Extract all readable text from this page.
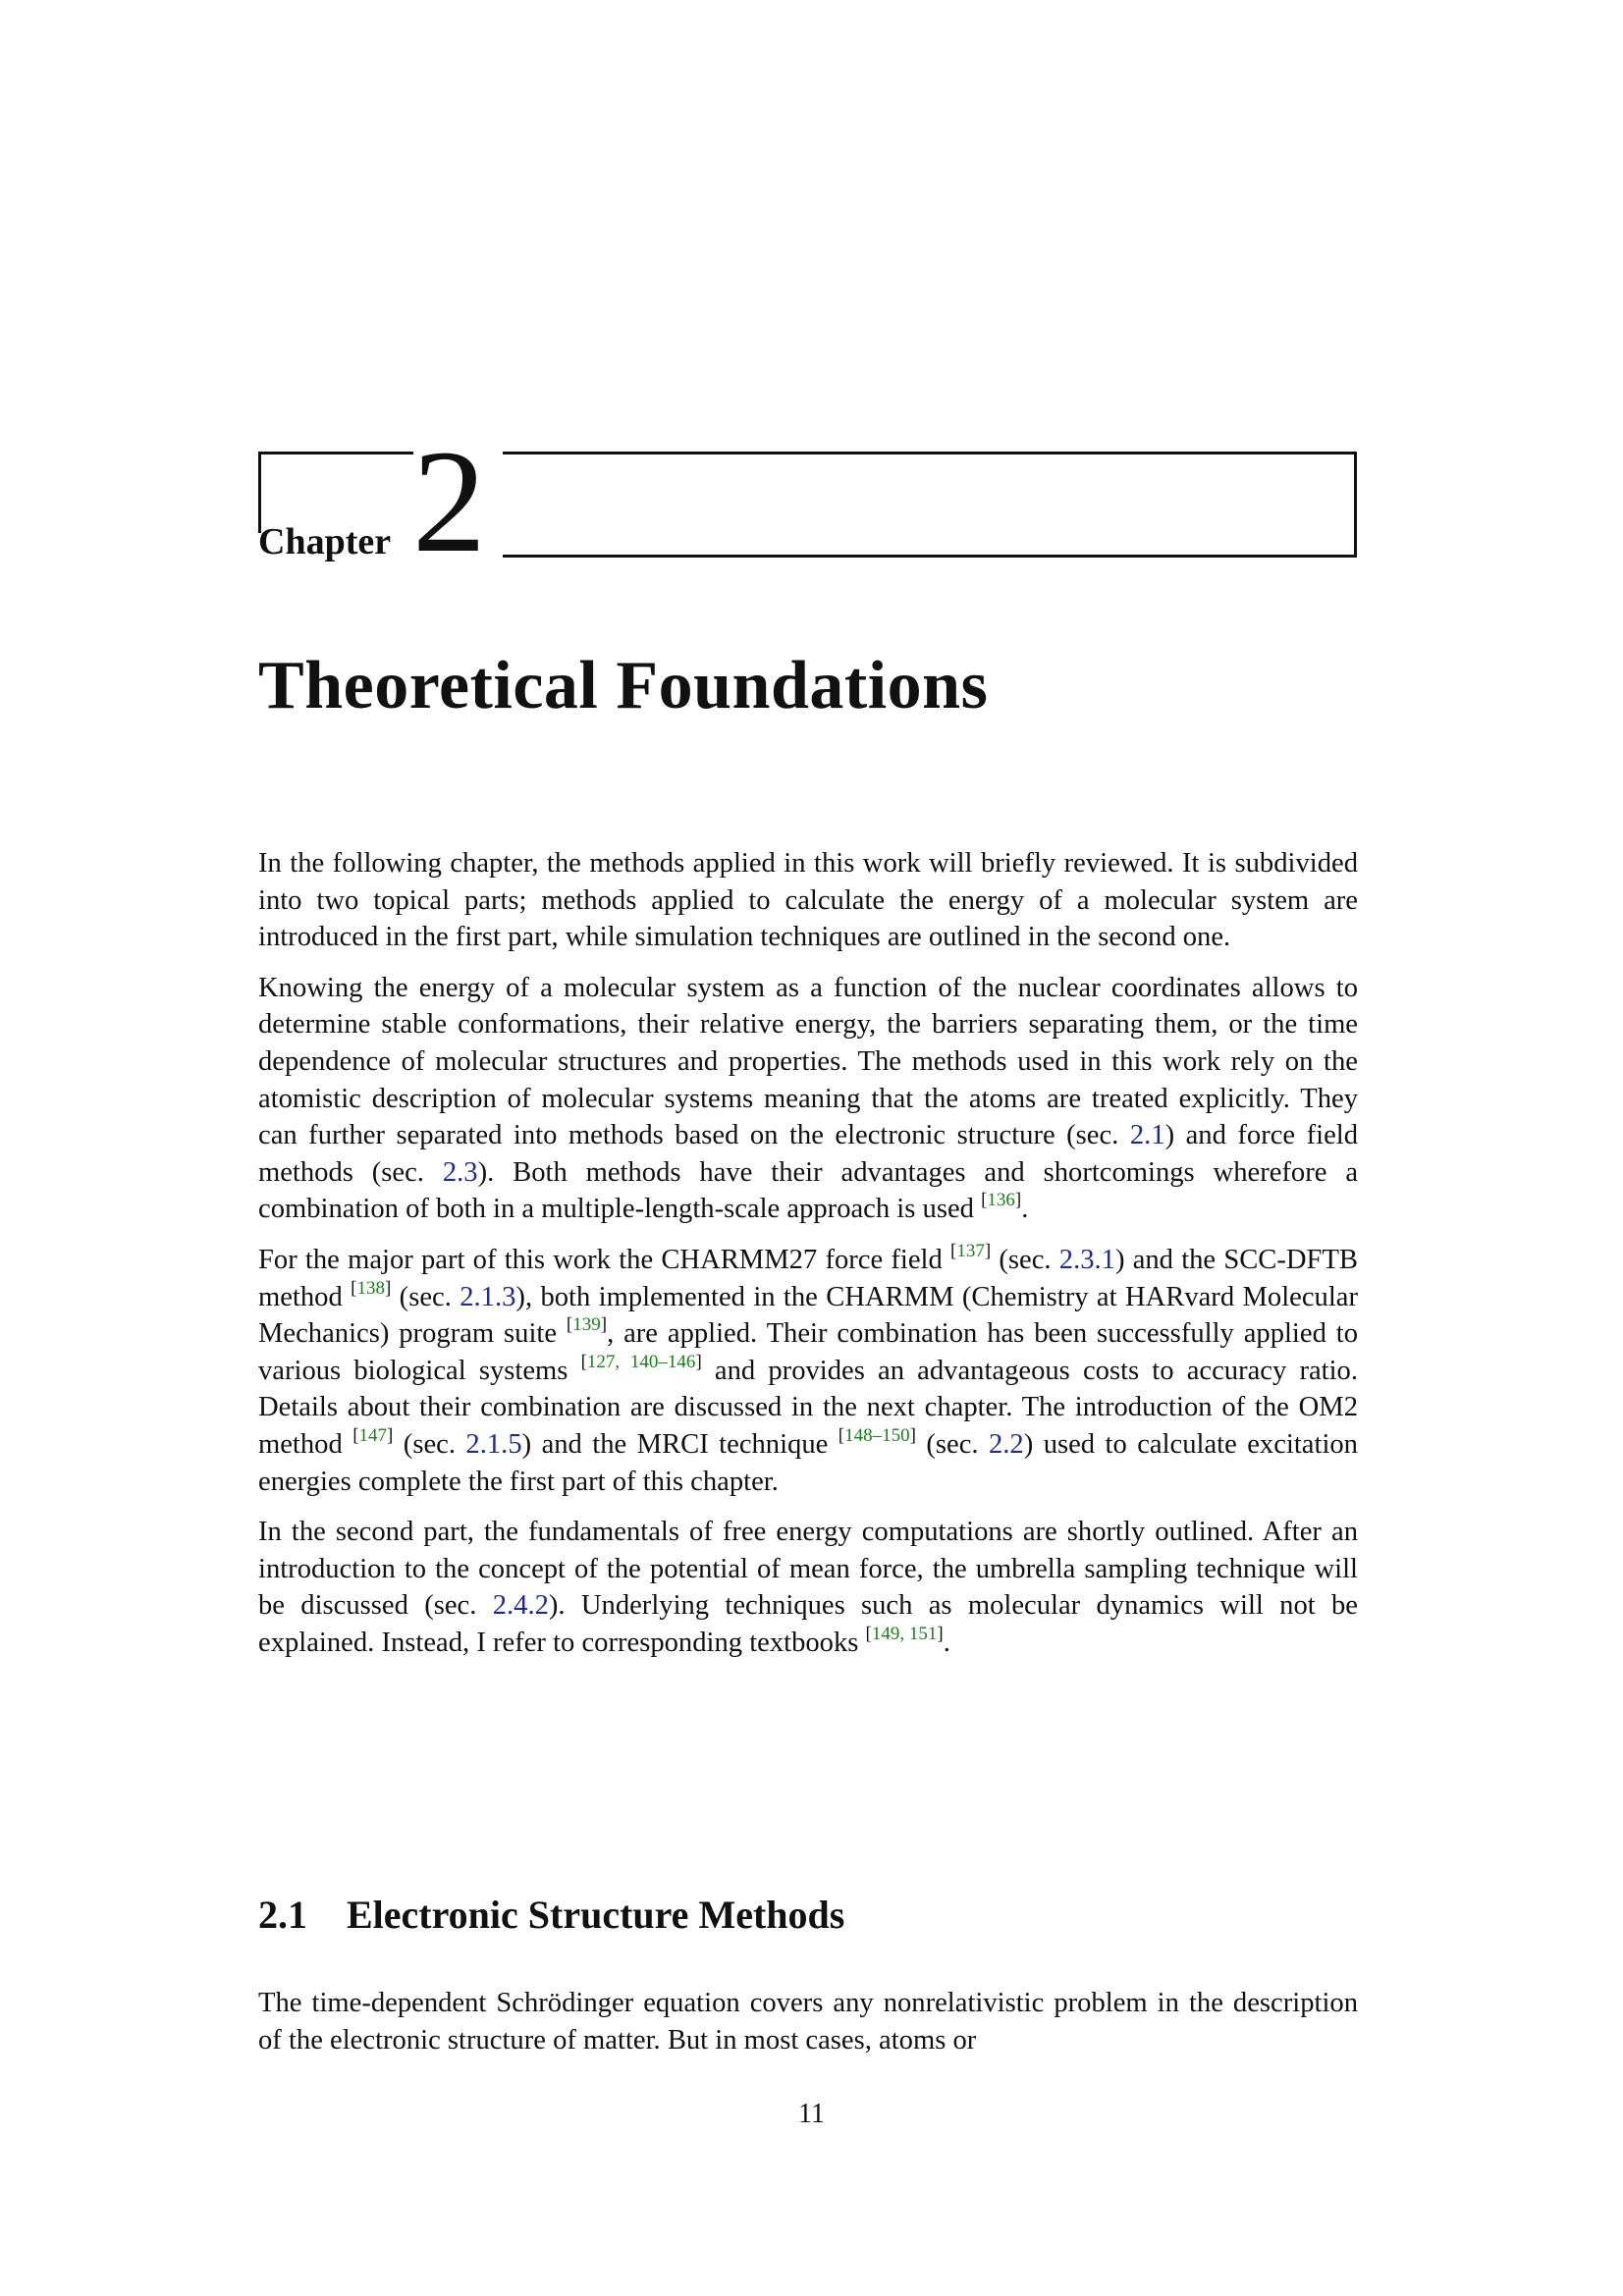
Chapter 2
Theoretical Foundations

In the following chapter, the methods applied in this work will briefly reviewed. It is subdivided into two topical parts; methods applied to calculate the energy of a molecular system are introduced in the first part, while simulation techniques are outlined in the second one.

Knowing the energy of a molecular system as a function of the nuclear coordinates allows to determine stable conformations, their relative energy, the barriers separating them, or the time dependence of molecular structures and properties. The methods used in this work rely on the atomistic description of molecular systems meaning that the atoms are treated explicitly. They can further separated into methods based on the electronic structure (sec. 2.1) and force field methods (sec. 2.3). Both methods have their advantages and shortcomings wherefore a combination of both in a multiple-length-scale approach is used [136].

For the major part of this work the CHARMM27 force field [137] (sec. 2.3.1) and the SCC-DFTB method [138] (sec. 2.1.3), both implemented in the CHARMM (Chemistry at HARvard Molecular Mechanics) program suite [139], are applied. Their combination has been successfully applied to various biological systems [127, 140–146] and provides an advantageous costs to accuracy ratio. Details about their combination are discussed in the next chapter. The introduction of the OM2 method [147] (sec. 2.1.5) and the MRCI technique [148–150] (sec. 2.2) used to calculate excitation energies complete the first part of this chapter.

In the second part, the fundamentals of free energy computations are shortly outlined. After an introduction to the concept of the potential of mean force, the umbrella sampling technique will be discussed (sec. 2.4.2). Underlying techniques such as molecular dynamics will not be explained. Instead, I refer to corresponding textbooks [149, 151].

2.1 Electronic Structure Methods

The time-dependent Schrödinger equation covers any nonrelativistic problem in the description of the electronic structure of matter. But in most cases, atoms or

11
